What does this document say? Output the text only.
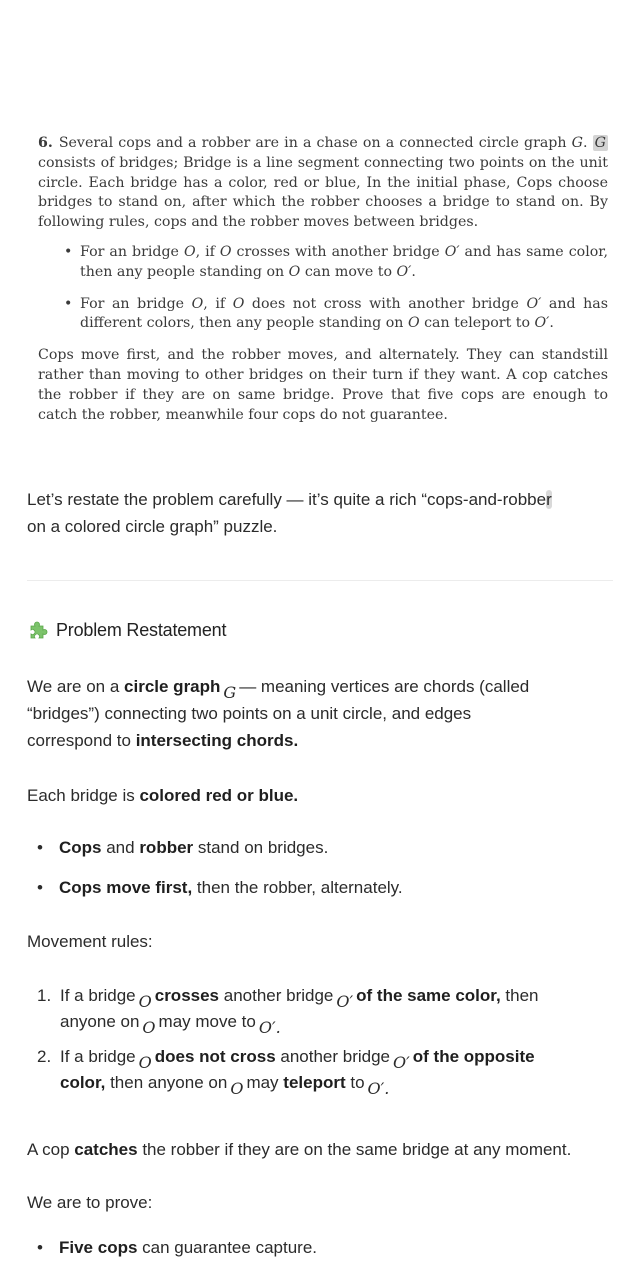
6. Several cops and a robber are in a chase on a connected circle graph G. G consists of bridges; Bridge is a line segment connecting two points on the unit circle. Each bridge has a color, red or blue, In the initial phase, Cops choose bridges to stand on, after which the robber chooses a bridge to stand on. By following rules, cops and the robber moves between bridges.

• For an bridge O, if O crosses with another bridge O′ and has same color, then any people standing on O can move to O′.
• For an bridge O, if O does not cross with another bridge O′ and has different colors, then any people standing on O can teleport to O′.

Cops move first, and the robber moves, and alternately. They can standstill rather than moving to other bridges on their turn if they want. A cop catches the robber if they are on same bridge. Prove that five cops are enough to catch the robber, meanwhile four cops do not guarantee.

Let’s restate the problem carefully — it’s quite a rich “cops-and-robber

on a colored circle graph” puzzle.

Problem Restatement
We are on a circle graph G — meaning vertices are chords (called
“bridges”) connecting two points on a unit circle, and edges
correspond to intersecting chords.
Each bridge is colored red or blue.
• Cops and robber stand on bridges.
• Cops move first, then the robber, alternately.
Movement rules:
1. If a bridge O crosses another bridge O′ of the same color, then
anyone on O may move to O′.
2. If a bridge O does not cross another bridge O′ of the opposite
color, then anyone on O may teleport to O′.
A cop catches the robber if they are on the same bridge at any moment.
We are to prove:
• Five cops can guarantee capture.
